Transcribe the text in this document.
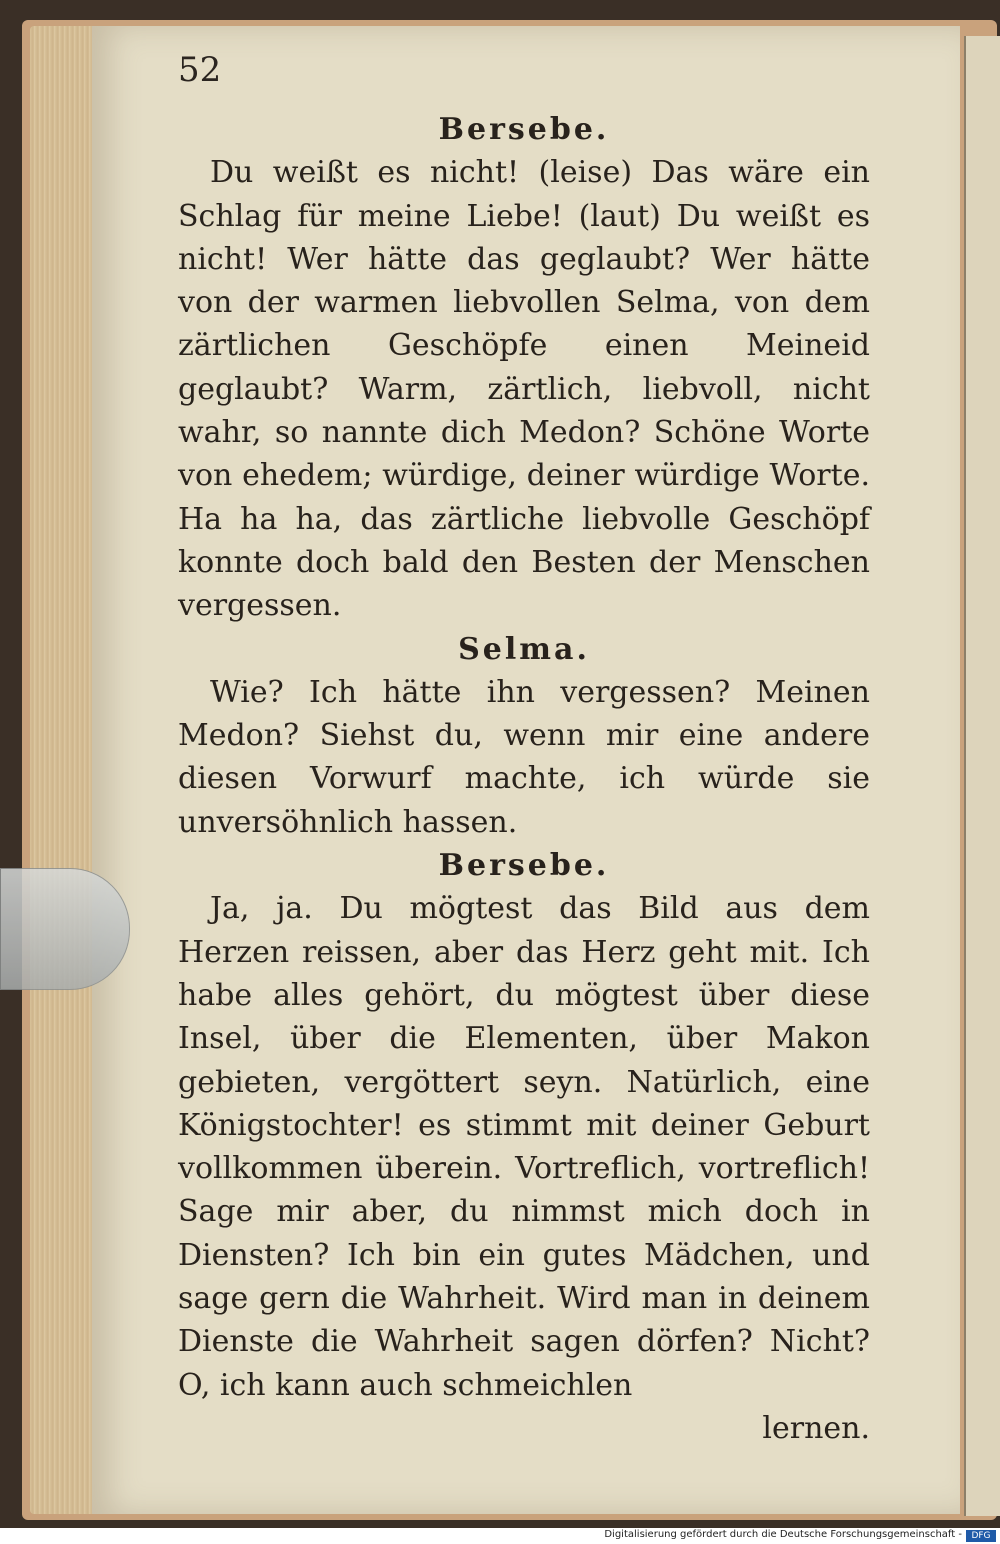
52
Bersebe.

Du weißt es nicht! (leise) Das wäre ein Schlag für meine Liebe! (laut) Du weißt es nicht! Wer hätte das geglaubt? Wer hätte von der warmen liebvollen Selma, von dem zärtlichen Geschöpfe einen Meineid geglaubt? Warm, zärtlich, liebvoll, nicht wahr, so nannte dich Medon? Schöne Worte von ehedem; würdige, deiner würdige Worte. Ha ha ha, das zärtliche liebvolle Geschöpf konnte doch bald den Besten der Menschen vergessen.

Selma.

Wie? Ich hätte ihn vergessen? Meinen Medon? Siehst du, wenn mir eine andere diesen Vorwurf machte, ich würde sie unversöhnlich hassen.

Bersebe.

Ja, ja. Du mögtest das Bild aus dem Herzen reissen, aber das Herz geht mit. Ich habe alles gehört, du mögtest über diese Insel, über die Elementen, über Makon gebieten, vergöttert seyn. Natürlich, eine Königstochter! es stimmt mit deiner Geburt vollkommen überein. Vortreflich, vortreflich! Sage mir aber, du nimmst mich doch in Diensten? Ich bin ein gutes Mädchen, und sage gern die Wahrheit. Wird man in deinem Dienste die Wahrheit sagen dörfen? Nicht? O, ich kann auch schmeichlen

lernen.

Digitalisierung gefördert durch die Deutsche Forschungsgemeinschaft -	DFG
